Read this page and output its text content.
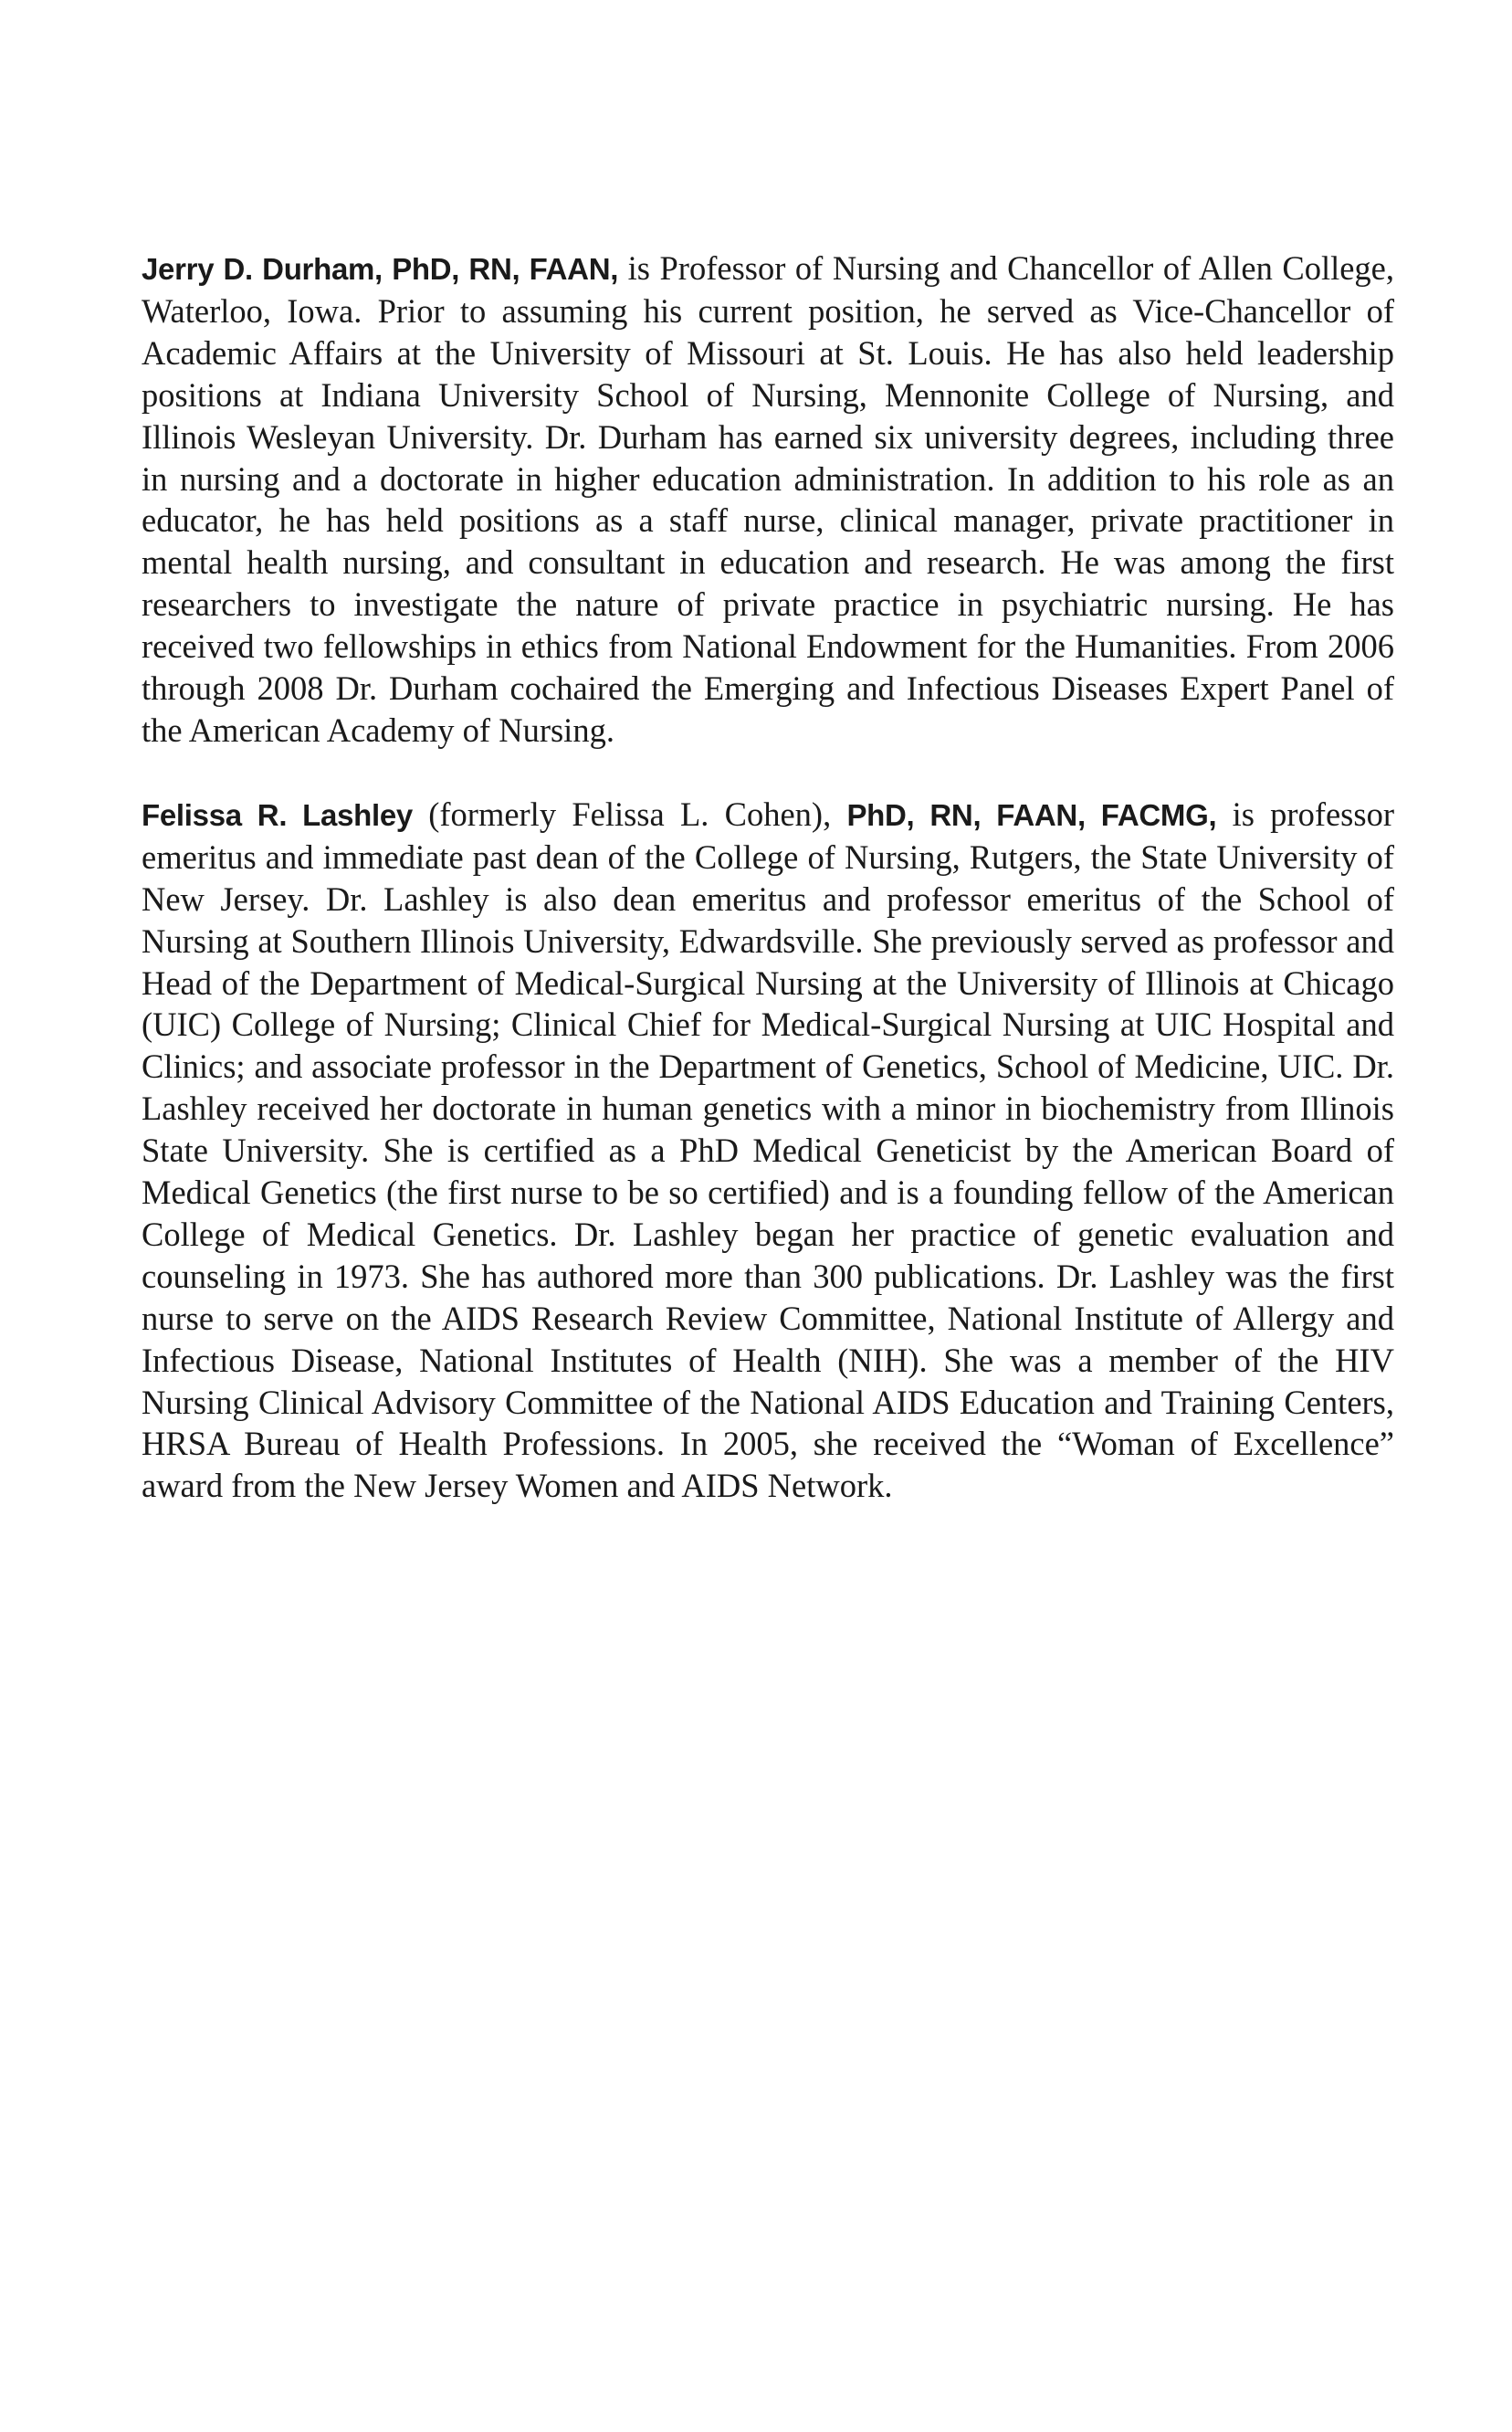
Jerry D. Durham, PhD, RN, FAAN, is Professor of Nursing and Chancellor of Allen College, Waterloo, Iowa. Prior to assuming his current position, he served as Vice-Chancellor of Academic Affairs at the University of Missouri at St. Louis. He has also held leadership positions at Indiana University School of Nursing, Mennonite College of Nursing, and Illinois Wesleyan University. Dr. Durham has earned six university degrees, including three in nursing and a doctorate in higher education administration. In addition to his role as an educator, he has held positions as a staff nurse, clinical manager, private practitioner in mental health nursing, and consultant in education and research. He was among the first researchers to investigate the nature of private practice in psychiatric nursing. He has received two fellowships in ethics from National Endowment for the Humanities. From 2006 through 2008 Dr. Durham cochaired the Emerging and Infectious Diseases Expert Panel of the American Academy of Nursing.

Felissa R. Lashley (formerly Felissa L. Cohen), PhD, RN, FAAN, FACMG, is professor emeritus and immediate past dean of the College of Nursing, Rutgers, the State University of New Jersey. Dr. Lashley is also dean emeritus and professor emeritus of the School of Nursing at Southern Illinois University, Edwardsville. She previously served as professor and Head of the Department of Medical-Surgical Nursing at the University of Illinois at Chicago (UIC) College of Nursing; Clinical Chief for Medical-Surgical Nursing at UIC Hospital and Clinics; and associate professor in the Department of Genetics, School of Medicine, UIC. Dr. Lashley received her doctorate in human genetics with a minor in biochemistry from Illinois State University. She is certified as a PhD Medical Geneticist by the American Board of Medical Genetics (the first nurse to be so certified) and is a founding fellow of the American College of Medical Genetics. Dr. Lashley began her practice of genetic evaluation and counseling in 1973. She has authored more than 300 publications. Dr. Lashley was the first nurse to serve on the AIDS Research Review Committee, National Institute of Allergy and Infectious Disease, National Institutes of Health (NIH). She was a member of the HIV Nursing Clinical Advisory Committee of the National AIDS Education and Training Centers, HRSA Bureau of Health Professions. In 2005, she received the “Woman of Excellence” award from the New Jersey Women and AIDS Network.
